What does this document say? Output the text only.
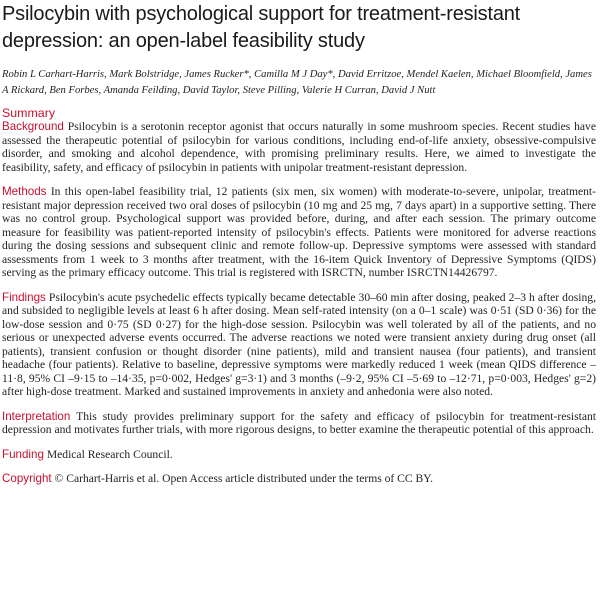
Psilocybin with psychological support for treatment-resistant depression: an open-label feasibility study

Robin L Carhart-Harris, Mark Bolstridge, James Rucker*, Camilla M J Day*, David Erritzoe, Mendel Kaelen, Michael Bloomfield, James A Rickard, Ben Forbes, Amanda Feilding, David Taylor, Steve Pilling, Valerie H Curran, David J Nutt

Summary

Background Psilocybin is a serotonin receptor agonist that occurs naturally in some mushroom species. Recent studies have assessed the therapeutic potential of psilocybin for various conditions, including end-of-life anxiety, obsessive-compulsive disorder, and smoking and alcohol dependence, with promising preliminary results. Here, we aimed to investigate the feasibility, safety, and efficacy of psilocybin in patients with unipolar treatment-resistant depression.

Methods In this open-label feasibility trial, 12 patients (six men, six women) with moderate-to-severe, unipolar, treatment-resistant major depression received two oral doses of psilocybin (10 mg and 25 mg, 7 days apart) in a supportive setting. There was no control group. Psychological support was provided before, during, and after each session. The primary outcome measure for feasibility was patient-reported intensity of psilocybin's effects. Patients were monitored for adverse reactions during the dosing sessions and subsequent clinic and remote follow-up. Depressive symptoms were assessed with standard assessments from 1 week to 3 months after treatment, with the 16-item Quick Inventory of Depressive Symptoms (QIDS) serving as the primary efficacy outcome. This trial is registered with ISRCTN, number ISRCTN14426797.

Findings Psilocybin's acute psychedelic effects typically became detectable 30–60 min after dosing, peaked 2–3 h after dosing, and subsided to negligible levels at least 6 h after dosing. Mean self-rated intensity (on a 0–1 scale) was 0·51 (SD 0·36) for the low-dose session and 0·75 (SD 0·27) for the high-dose session. Psilocybin was well tolerated by all of the patients, and no serious or unexpected adverse events occurred. The adverse reactions we noted were transient anxiety during drug onset (all patients), transient confusion or thought disorder (nine patients), mild and transient nausea (four patients), and transient headache (four patients). Relative to baseline, depressive symptoms were markedly reduced 1 week (mean QIDS difference –11·8, 95% CI –9·15 to –14·35, p=0·002, Hedges' g=3·1) and 3 months (–9·2, 95% CI –5·69 to –12·71, p=0·003, Hedges' g=2) after high-dose treatment. Marked and sustained improvements in anxiety and anhedonia were also noted.

Interpretation This study provides preliminary support for the safety and efficacy of psilocybin for treatment-resistant depression and motivates further trials, with more rigorous designs, to better examine the therapeutic potential of this approach.

Funding Medical Research Council.

Copyright © Carhart-Harris et al. Open Access article distributed under the terms of CC BY.
